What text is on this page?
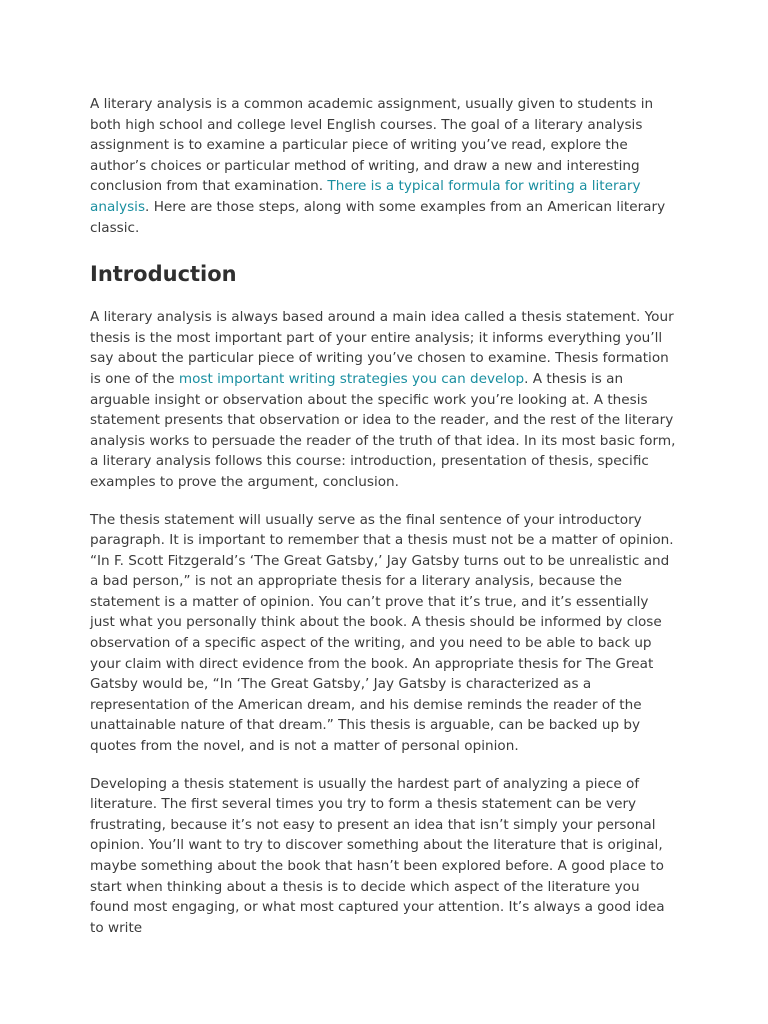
A literary analysis is a common academic assignment, usually given to students in both high school and college level English courses. The goal of a literary analysis assignment is to examine a particular piece of writing you’ve read, explore the author’s choices or particular method of writing, and draw a new and interesting conclusion from that examination. There is a typical formula for writing a literary analysis. Here are those steps, along with some examples from an American literary classic.

Introduction

A literary analysis is always based around a main idea called a thesis statement. Your thesis is the most important part of your entire analysis; it informs everything you’ll say about the particular piece of writing you’ve chosen to examine. Thesis formation is one of the most important writing strategies you can develop. A thesis is an arguable insight or observation about the specific work you’re looking at. A thesis statement presents that observation or idea to the reader, and the rest of the literary analysis works to persuade the reader of the truth of that idea. In its most basic form, a literary analysis follows this course: introduction, presentation of thesis, specific examples to prove the argument, conclusion.

The thesis statement will usually serve as the final sentence of your introductory paragraph. It is important to remember that a thesis must not be a matter of opinion. “In F. Scott Fitzgerald’s ‘The Great Gatsby,’ Jay Gatsby turns out to be unrealistic and a bad person,” is not an appropriate thesis for a literary analysis, because the statement is a matter of opinion. You can’t prove that it’s true, and it’s essentially just what you personally think about the book. A thesis should be informed by close observation of a specific aspect of the writing, and you need to be able to back up your claim with direct evidence from the book. An appropriate thesis for The Great Gatsby would be, “In ‘The Great Gatsby,’ Jay Gatsby is characterized as a representation of the American dream, and his demise reminds the reader of the unattainable nature of that dream.” This thesis is arguable, can be backed up by quotes from the novel, and is not a matter of personal opinion.

Developing a thesis statement is usually the hardest part of analyzing a piece of literature. The first several times you try to form a thesis statement can be very frustrating, because it’s not easy to present an idea that isn’t simply your personal opinion. You’ll want to try to discover something about the literature that is original, maybe something about the book that hasn’t been explored before. A good place to start when thinking about a thesis is to decide which aspect of the literature you found most engaging, or what most captured your attention. It’s always a good idea to write
